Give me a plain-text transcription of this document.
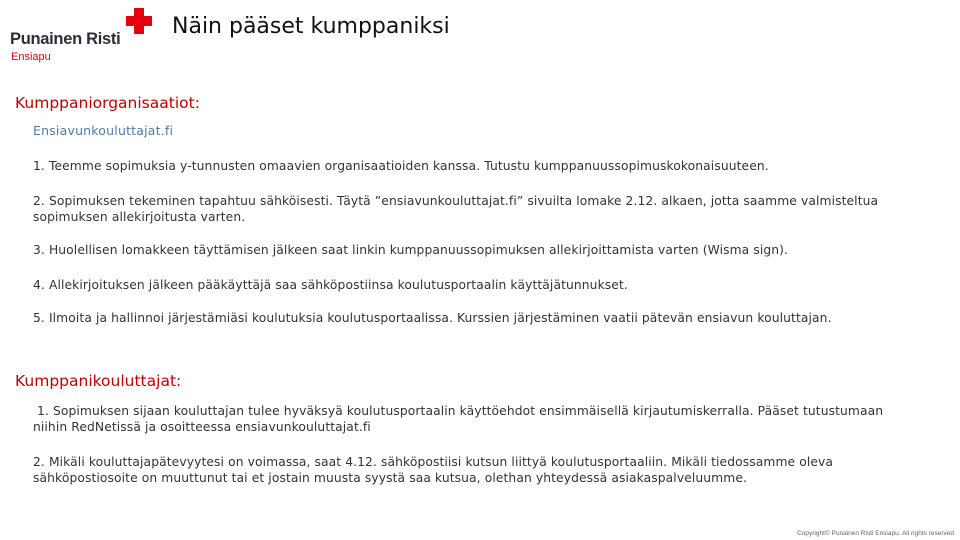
Punainen Risti
Ensiapu
Näin pääset kumppaniksi
Kumppaniorganisaatiot:
Ensiavunkouluttajat.fi

1. Teemme sopimuksia y-tunnusten omaavien organisaatioiden kanssa. Tutustu kumppanuussopimuskokonaisuuteen.

2. Sopimuksen tekeminen tapahtuu sähköisesti. Täytä ”ensiavunkouluttajat.fi” sivuilta lomake 2.12. alkaen, jotta saamme valmisteltua sopimuksen allekirjoitusta varten.

3. Huolellisen lomakkeen täyttämisen jälkeen saat linkin kumppanuussopimuksen allekirjoittamista varten (Wisma sign).

4. Allekirjoituksen jälkeen pääkäyttäjä saa sähköpostiinsa koulutusportaalin käyttäjätunnukset.

5. Ilmoita ja hallinnoi järjestämiäsi koulutuksia koulutusportaalissa. Kurssien järjestäminen vaatii pätevän ensiavun kouluttajan.

Kumppanikouluttajat:

1. Sopimuksen sijaan kouluttajan tulee hyväksyä koulutusportaalin käyttöehdot ensimmäisellä kirjautumiskerralla. Pääset tutustumaan niihin RedNetissä ja osoitteessa ensiavunkouluttajat.fi

2. Mikäli kouluttajapätevyytesi on voimassa, saat 4.12. sähköpostiisi kutsun liittyä koulutusportaaliin. Mikäli tiedossamme oleva sähköpostiosoite on muuttunut tai et jostain muusta syystä saa kutsua, olethan yhteydessä asiakaspalveluumme.

Copyright© Punainen Risti Ensiapu. All rights reserved
